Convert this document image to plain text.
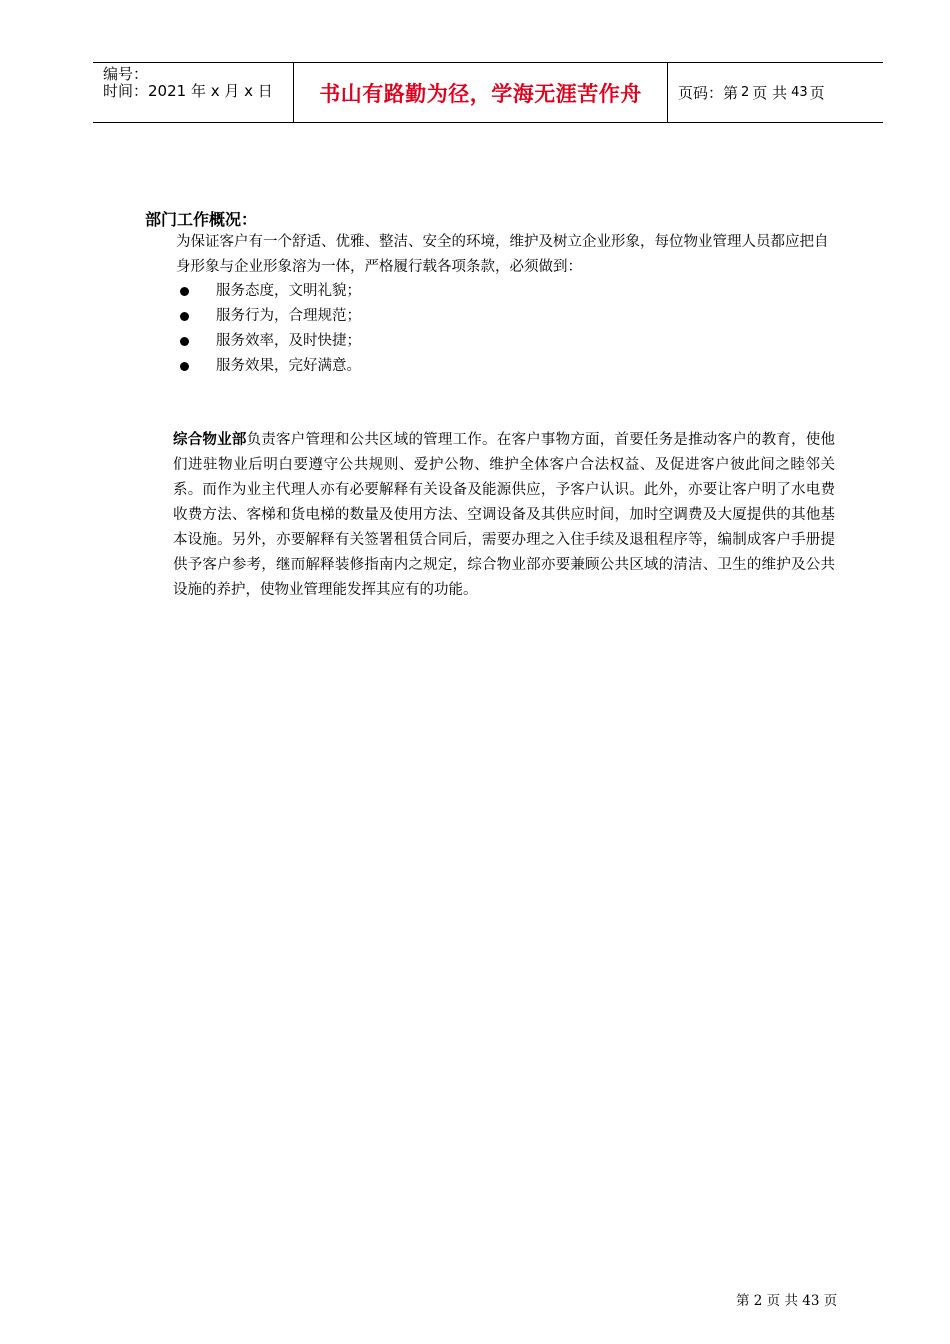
编号：
时间：2021 年 x 月 x 日	书山有路勤为径，学海无涯苦作舟 页码：第 2 页 共 43 页
部门工作概况：

为保证客户有一个舒适、优雅、整洁、安全的环境，维护及树立企业形象，每位物业管理人员都应把自身形象与企业形象溶为一体，严格履行载各项条款，必须做到：

服务态度，文明礼貌；
服务行为，合理规范；
服务效率，及时快捷；
服务效果，完好满意。

综合物业部负责客户管理和公共区域的管理工作。在客户事物方面，首要任务是推动客户的教育，使他们进驻物业后明白要遵守公共规则、爱护公物、维护全体客户合法权益、及促进客户彼此间之睦邻关系。而作为业主代理人亦有必要解释有关设备及能源供应，予客户认识。此外，亦要让客户明了水电费收费方法、客梯和货电梯的数量及使用方法、空调设备及其供应时间，加时空调费及大厦提供的其他基本设施。另外，亦要解释有关签署租赁合同后，需要办理之入住手续及退租程序等，编制成客户手册提供予客户参考，继而解释装修指南内之规定，综合物业部亦要兼顾公共区域的清洁、卫生的维护及公共设施的养护，使物业管理能发挥其应有的功能。

第 2 页 共 43 页
